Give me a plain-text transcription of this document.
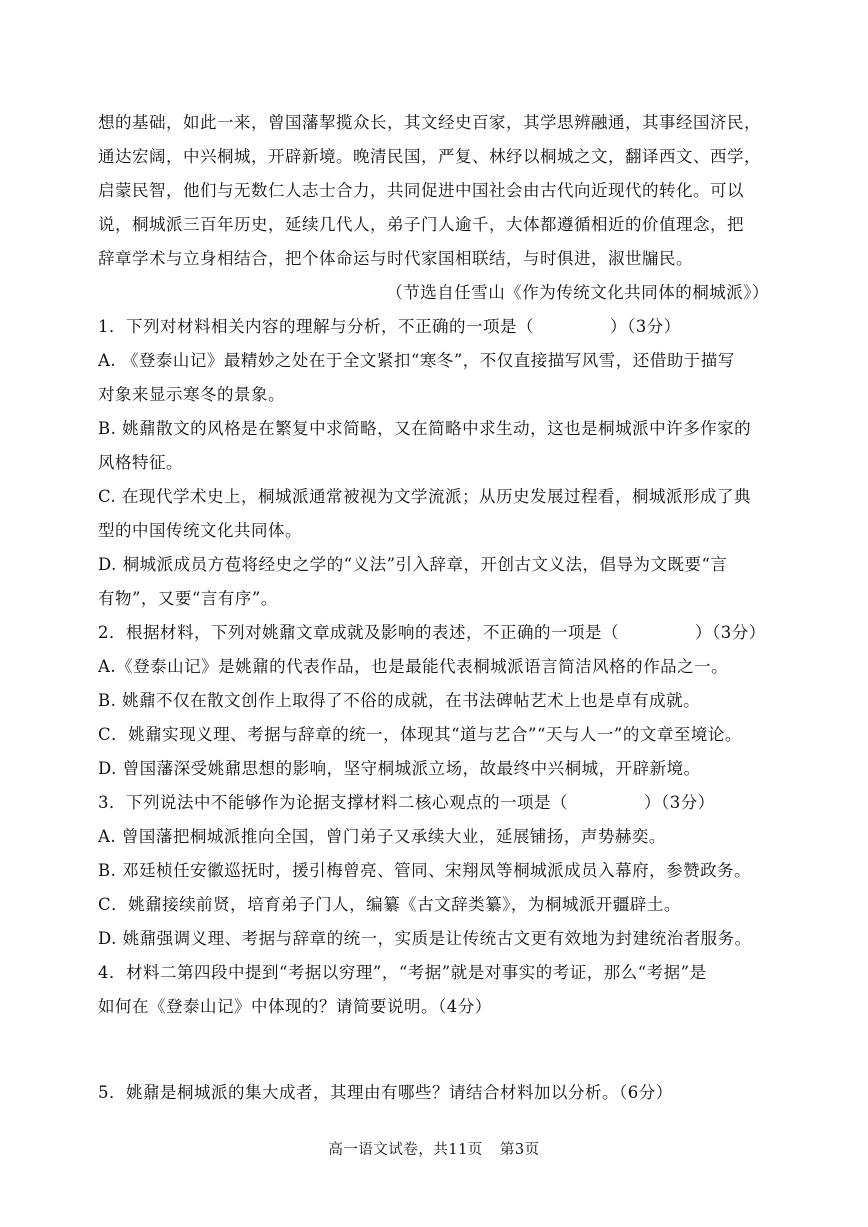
想的基础，如此一来，曾国藩挈揽众长，其文经史百家，其学思辨融通，其事经国济民，
通达宏阔，中兴桐城，开辟新境。晚清民国，严复、林纾以桐城之文，翻译西文、西学，
启蒙民智，他们与无数仁人志士合力，共同促进中国社会由古代向近现代的转化。可以
说，桐城派三百年历史，延续几代人，弟子门人逾千，大体都遵循相近的价值理念，把
辞章学术与立身相结合，把个体命运与时代家国相联结，与时俱进，淑世牖民。
（节选自任雪山《作为传统文化共同体的桐城派》）
1．下列对材料相关内容的理解与分析，不正确的一项是（	）（3分）
A. 《登泰山记》最精妙之处在于全文紧扣“寒冬”，不仅直接描写风雪，还借助于描写
对象来显示寒冬的景象。
B. 姚鼐散文的风格是在繁复中求简略，又在简略中求生动，这也是桐城派中许多作家的
风格特征。
C. 在现代学术史上，桐城派通常被视为文学流派；从历史发展过程看，桐城派形成了典
型的中国传统文化共同体。
D. 桐城派成员方苞将经史之学的“义法”引入辞章，开创古文义法，倡导为文既要“言
有物”，又要“言有序”。
2．根据材料，下列对姚鼐文章成就及影响的表述，不正确的一项是（	）（3分）
A.《登泰山记》是姚鼐的代表作品，也是最能代表桐城派语言简洁风格的作品之一。
B. 姚鼐不仅在散文创作上取得了不俗的成就，在书法碑帖艺术上也是卓有成就。
C．姚鼐实现义理、考据与辞章的统一，体现其“道与艺合”“天与人一”的文章至境论。
D. 曾国藩深受姚鼐思想的影响，坚守桐城派立场，故最终中兴桐城，开辟新境。
3．下列说法中不能够作为论据支撑材料二核心观点的一项是（	）（3分）
A. 曾国藩把桐城派推向全国，曾门弟子又承续大业，延展铺扬，声势赫奕。
B. 邓廷桢任安徽巡抚时，援引梅曾亮、管同、宋翔凤等桐城派成员入幕府，参赞政务。
C．姚鼐接续前贤，培育弟子门人，编纂《古文辞类纂》，为桐城派开疆辟土。
D. 姚鼐强调义理、考据与辞章的统一，实质是让传统古文更有效地为封建统治者服务。
4．材料二第四段中提到“考据以穷理”，“考据”就是对事实的考证，那么“考据”是
如何在《登泰山记》中体现的？请简要说明。（4分）
5．姚鼐是桐城派的集大成者，其理由有哪些？请结合材料加以分析。（6分）
高一语文试卷，共11页 第3页
